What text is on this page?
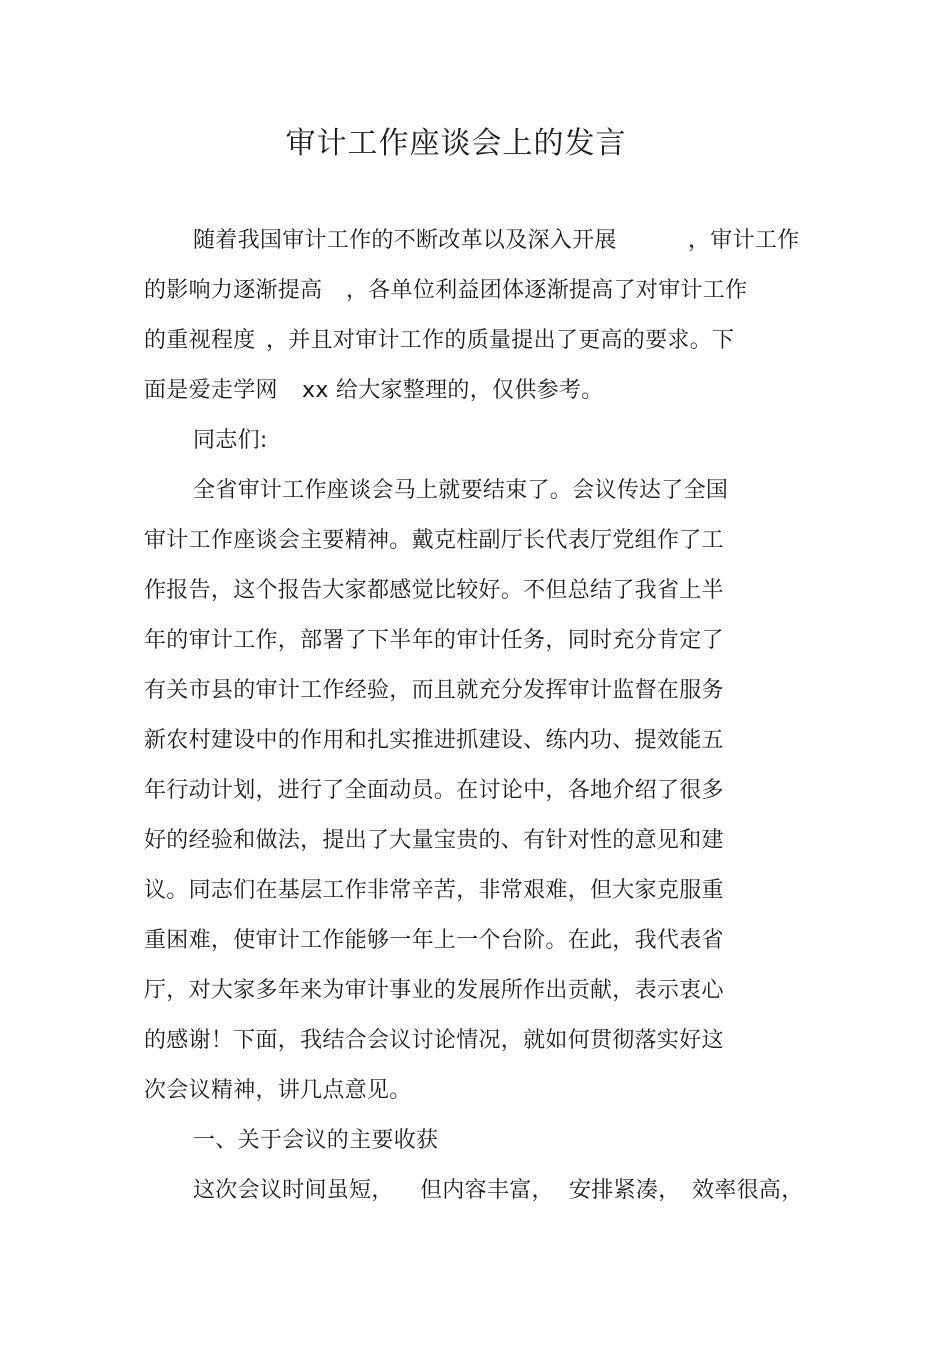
审计工作座谈会上的发言
随着我国审计工作的不断改革以及深入开展	，审计工作
的影响力逐渐提高 ，各单位利益团体逐渐提高了对审计工作
的重视程度 ，并且对审计工作的质量提出了更高的要求。下
面是爱走学网 xx 给大家整理的，仅供参考。
同志们:
全省审计工作座谈会马上就要结束了。会议传达了全国
审计工作座谈会主要精神。戴克柱副厅长代表厅党组作了工
作报告，这个报告大家都感觉比较好。不但总结了我省上半
年的审计工作，部署了下半年的审计任务，同时充分肯定了
有关市县的审计工作经验，而且就充分发挥审计监督在服务
新农村建设中的作用和扎实推进抓建设、练内功、提效能五
年行动计划，进行了全面动员。在讨论中，各地介绍了很多
好的经验和做法，提出了大量宝贵的、有针对性的意见和建
议。同志们在基层工作非常辛苦，非常艰难，但大家克服重
重困难，使审计工作能够一年上一个台阶。在此，我代表省
厅，对大家多年来为审计事业的发展所作出贡献，表示衷心
的感谢！下面，我结合会议讨论情况，就如何贯彻落实好这
次会议精神，讲几点意见。
一、关于会议的主要收获
这次会议时间虽短， 但内容丰富， 安排紧凑， 效率很高，
